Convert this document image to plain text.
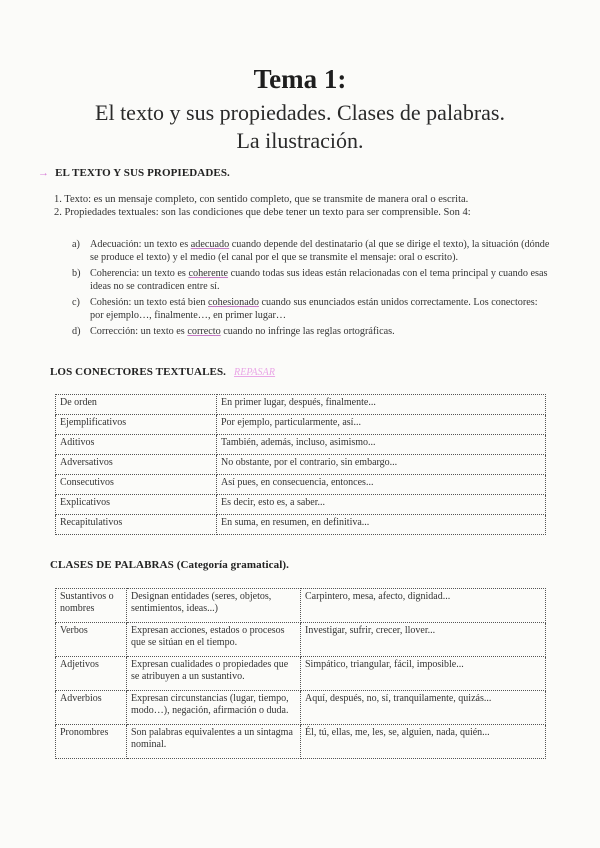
Tema 1:
El texto y sus propiedades. Clases de palabras.
La ilustración.
→ EL TEXTO Y SUS PROPIEDADES.
1. Texto: es un mensaje completo, con sentido completo, que se transmite de manera oral o escrita.
2. Propiedades textuales: son las condiciones que debe tener un texto para ser comprensible. Son 4:
a) Adecuación: un texto es adecuado cuando depende del destinatario (al que se dirige el texto), la situación (dónde se produce el texto) y el medio (el canal por el que se transmite el mensaje: oral o escrito).
b) Coherencia: un texto es coherente cuando todas sus ideas están relacionadas con el tema principal y cuando esas ideas no se contradicen entre sí.
c) Cohesión: un texto está bien cohesionado cuando sus enunciados están unidos correctamente. Los conectores: por ejemplo…, finalmente…, en primer lugar…
d) Corrección: un texto es correcto cuando no infringe las reglas ortográficas.
LOS CONECTORES TEXTUALES. REPASAR
De orden	En primer lugar, después, finalmente...
Ejemplificativos	Por ejemplo, particularmente, así...
Aditivos	También, además, incluso, asimismo...
Adversativos	No obstante, por el contrario, sin embargo...
Consecutivos	Así pues, en consecuencia, entonces...
Explicativos	Es decir, esto es, a saber...
Recapitulativos	En suma, en resumen, en definitiva...
CLASES DE PALABRAS (Categoría gramatical).
Sustantivos o nombres	Designan entidades (seres, objetos, sentimientos, ideas...)	Carpintero, mesa, afecto, dignidad...
Verbos	Expresan acciones, estados o procesos que se sitúan en el tiempo.	Investigar, sufrir, crecer, llover...
Adjetivos	Expresan cualidades o propiedades que se atribuyen a un sustantivo.	Simpático, triangular, fácil, imposible...
Adverbios	Expresan circunstancias (lugar, tiempo, modo…), negación, afirmación o duda.	Aquí, después, no, sí, tranquilamente, quizás...
Pronombres	Son palabras equivalentes a un sintagma nominal.	Él, tú, ellas, me, les, se, alguien, nada, quién...
